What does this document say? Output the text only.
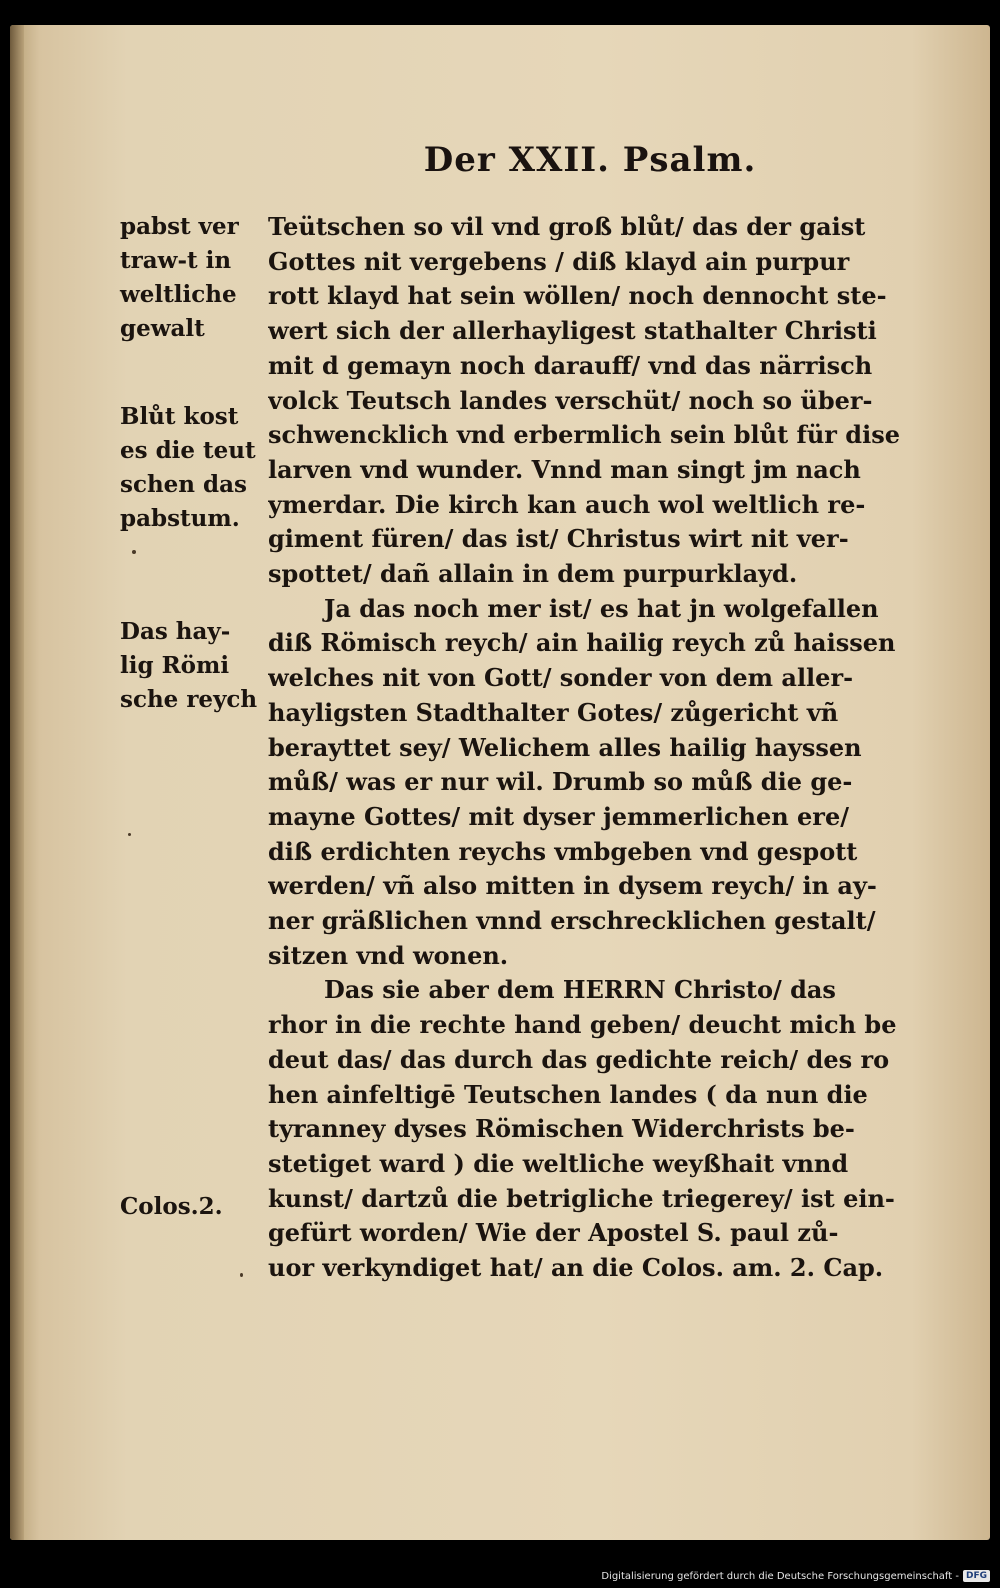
Der XXII. Psalm.
pabst ver
traw-t in
weltliche
gewalt
Blůt kost
es die teut
schen das
pabstum.
Das hay-
lig Römi
sche reych
Colos.2.
Teütschen so vil vnd groß blůt/ das der gaist
Gottes nit vergebens / diß klayd ain purpur
rott klayd hat sein wöllen/ noch dennocht ste-
wert sich der allerhayligest stathalter Christi
mit d gemayn noch darauff/ vnd das närrisch
volck Teutsch landes verschüt/ noch so über-
schwencklich vnd erbermlich sein blůt für dise
larven vnd wunder. Vnnd man singt jm nach
ymerdar. Die kirch kan auch wol weltlich re-
giment füren/ das ist/ Christus wirt nit ver-
spottet/ dañ allain in dem purpurklayd.
Ja das noch mer ist/ es hat jn wolgefallen
diß Römisch reych/ ain hailig reych zů haissen
welches nit von Gott/ sonder von dem aller-
hayligsten Stadthalter Gotes/ zůgericht vñ
berayttet sey/ Welichem alles hailig hayssen
můß/ was er nur wil. Drumb so můß die ge-
mayne Gottes/ mit dyser jemmerlichen ere/
diß erdichten reychs vmbgeben vnd gespott
werden/ vñ also mitten in dysem reych/ in ay-
ner gräßlichen vnnd erschrecklichen gestalt/
sitzen vnd wonen.
Das sie aber dem HERRN Christo/ das
rhor in die rechte hand geben/ deucht mich be
deut das/ das durch das gedichte reich/ des ro
hen ainfeltigē Teutschen landes ( da nun die
tyranney dyses Römischen Widerchrists be-
stetiget ward ) die weltliche weyßhait vnnd
kunst/ dartzů die betrigliche triegerey/ ist ein-
gefürt worden/ Wie der Apostel S. paul zů-
uor verkyndiget hat/ an die Colos. am. 2. Cap.
Digitalisierung gefördert durch die Deutsche Forschungsgemeinschaft - DFG
